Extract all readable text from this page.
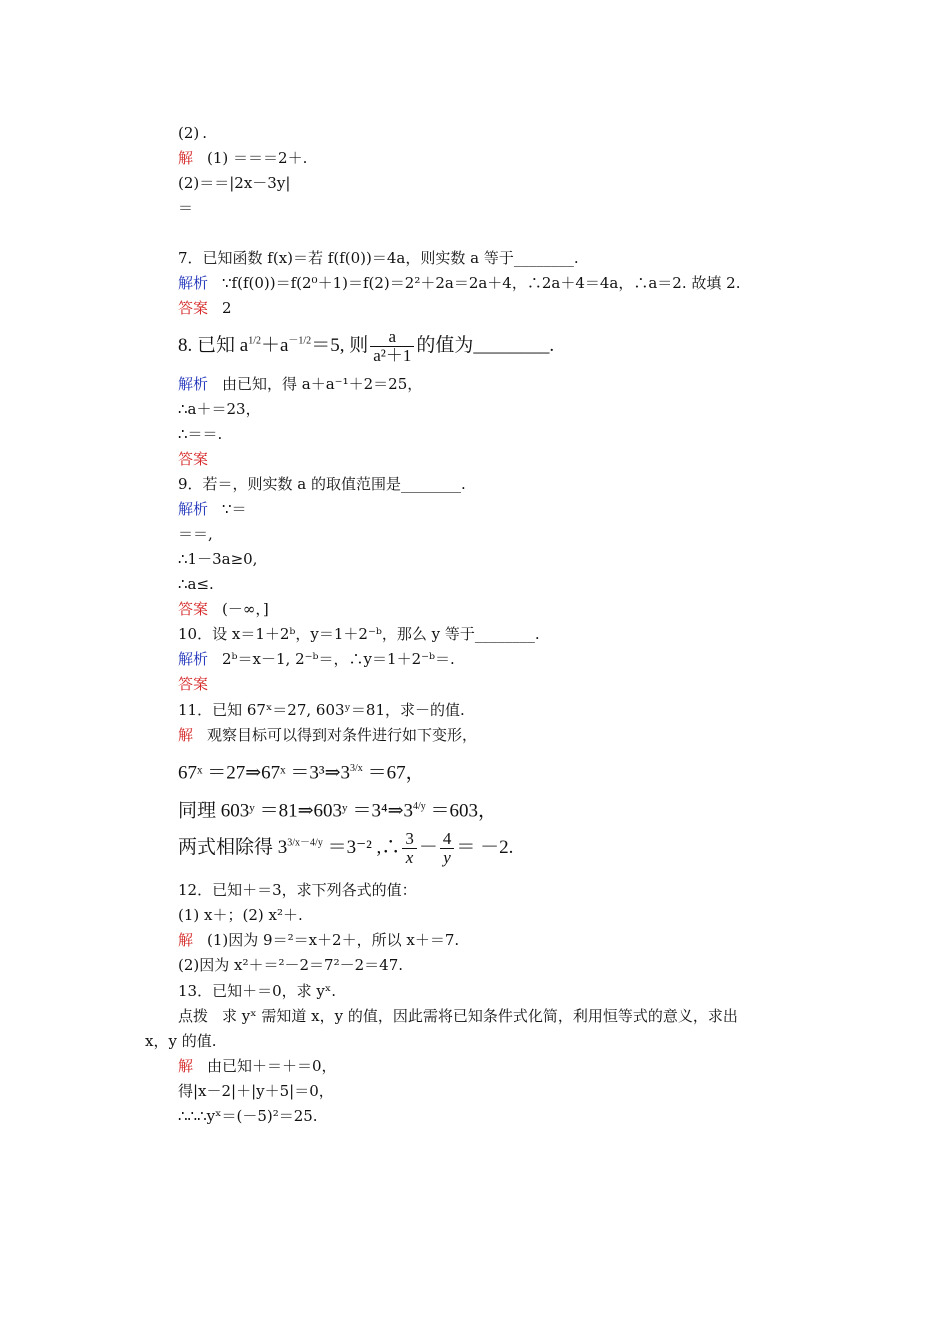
(2) .
解 (1) ＝＝＝2＋.
(2)＝＝|2x－3y|
＝
7．已知函数 f(x)＝若 f(f(0))＝4a，则实数 a 等于________.
解析 ∵f(f(0))＝f(2⁰＋1)＝f(2)＝2²＋2a＝2a＋4，∴2a＋4＝4a，∴a＝2. 故填 2.
答案 2
8. 已知 $a^{1/2}+a^{-1/2}=5$, 则 $\frac{a}{\text{a²＋1}}$ 的值为________.
解析 由已知，得 a＋a⁻¹＋2＝25，
∴a＋＝23，
∴＝＝.
答案
9．若＝，则实数 a 的取值范围是________.
解析 ∵＝
＝＝,
∴1－3a≥0,
∴a≤.
答案 (－∞，]
10．设 x＝1＋2ᵇ，y＝1＋2⁻ᵇ，那么 y 等于________.
解析 2ᵇ＝x－1, 2⁻ᵇ＝，∴y＝1＋2⁻ᵇ＝.
答案
11．已知 67ˣ＝27, 603ʸ＝81，求－的值.
解 观察目标可以得到对条件进行如下变形，
67ˣ ＝27⇒67ˣ $=3^3\Rightarrow 3^{3/x} =67$，
同理 603ʸ ＝81⇒603ʸ $=3^4\Rightarrow 3^{4/y} =603$，
两式相除得 $3^{3/x-4/y} =3^{-2}$ ,∴ $\frac{3}{x} - \frac{4}{y} = -2$.
12．已知＋＝3，求下列各式的值：
(1) x＋；(2) x²＋.
解 (1)因为 9＝²＝x＋2＋，所以 x＋＝7.
(2)因为 x²＋＝²－2＝7²－2＝47.
13．已知＋＝0，求 yˣ.
点拨 求 yˣ 需知道 x，y 的值，因此需将已知条件式化简，利用恒等式的意义，求出
x，y 的值.
解 由已知＋＝＋＝0，
得|x－2|＋|y＋5|＝0，
∴∴∴yˣ＝(－5)²＝25.
